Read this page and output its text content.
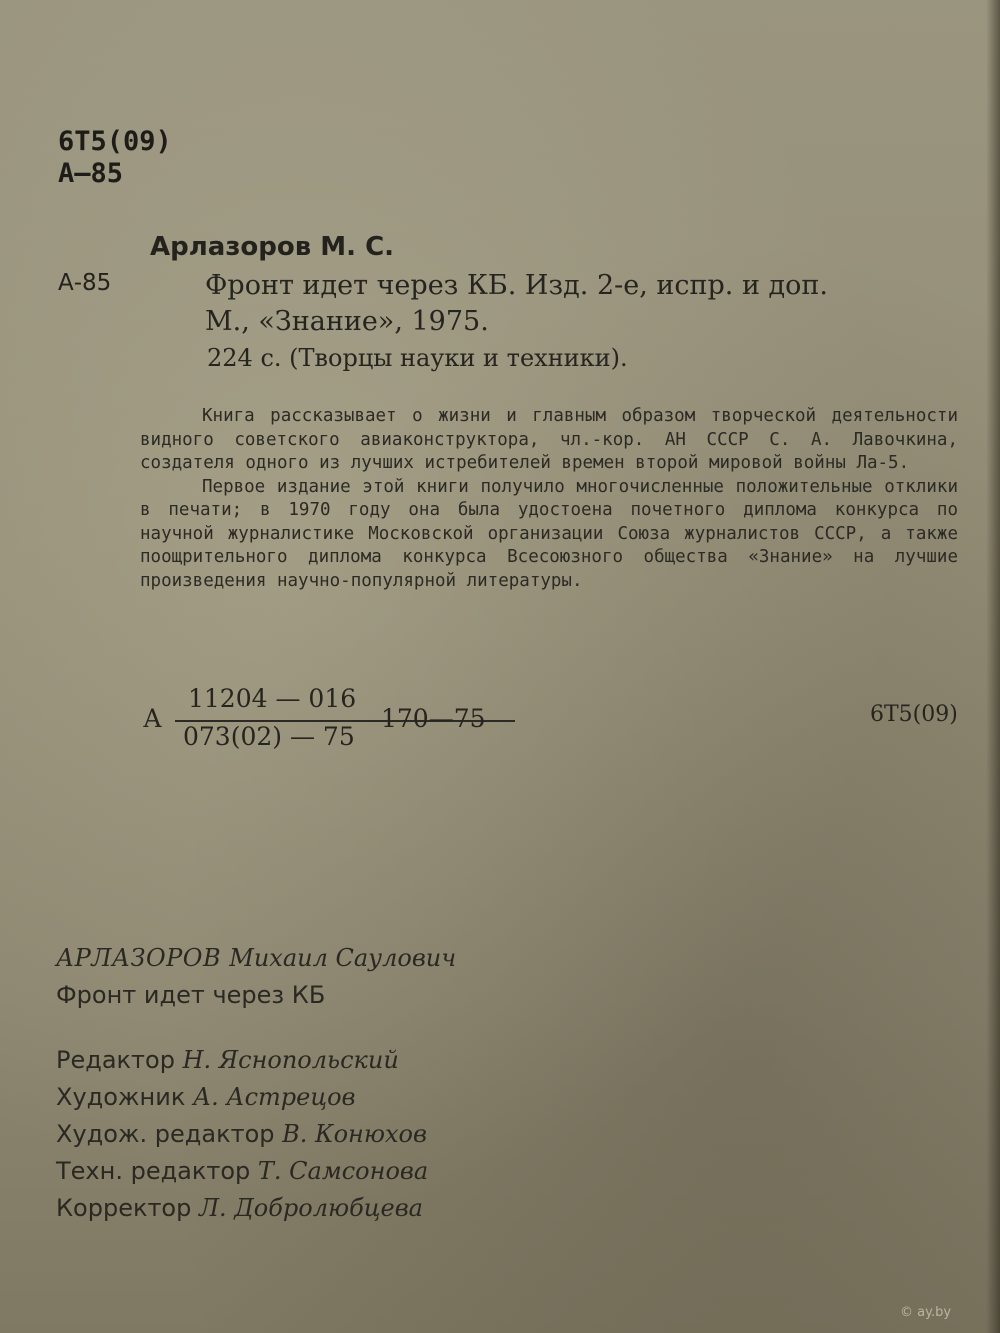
6Т5(09)
А—85
Арлазоров М. С.
А-85	Фронт идет через КБ. Изд. 2-е, испр. и доп.
М., «Знание», 1975.
224 с. (Творцы науки и техники).

Книга рассказывает о жизни и главным образом творческой деятельности видного советского авиаконструктора, чл.-кор. АН СССР С. А. Лавочкина, создателя одного из лучших истребителей времен второй мировой войны Ла-5.

Первое издание этой книги получило многочисленные положительные отклики в печати; в 1970 году она была удостоена почетного диплома конкурса по научной журналистике Московской организации Союза журналистов СССР, а также поощрительного диплома конкурса Всесоюзного общества «Знание» на лучшие произведения научно-популярной литературы.

А
11204 — 016
073(02) — 75
170—75	6Т5(09)
АРЛАЗОРОВ Михаил Саулович
Фронт идет через КБ
Редактор Н. Яснопольский
Художник А. Астрецов
Худож. редактор В. Конюхов
Техн. редактор Т. Самсонова
Корректор Л. Добролюбцева
© ay.by
